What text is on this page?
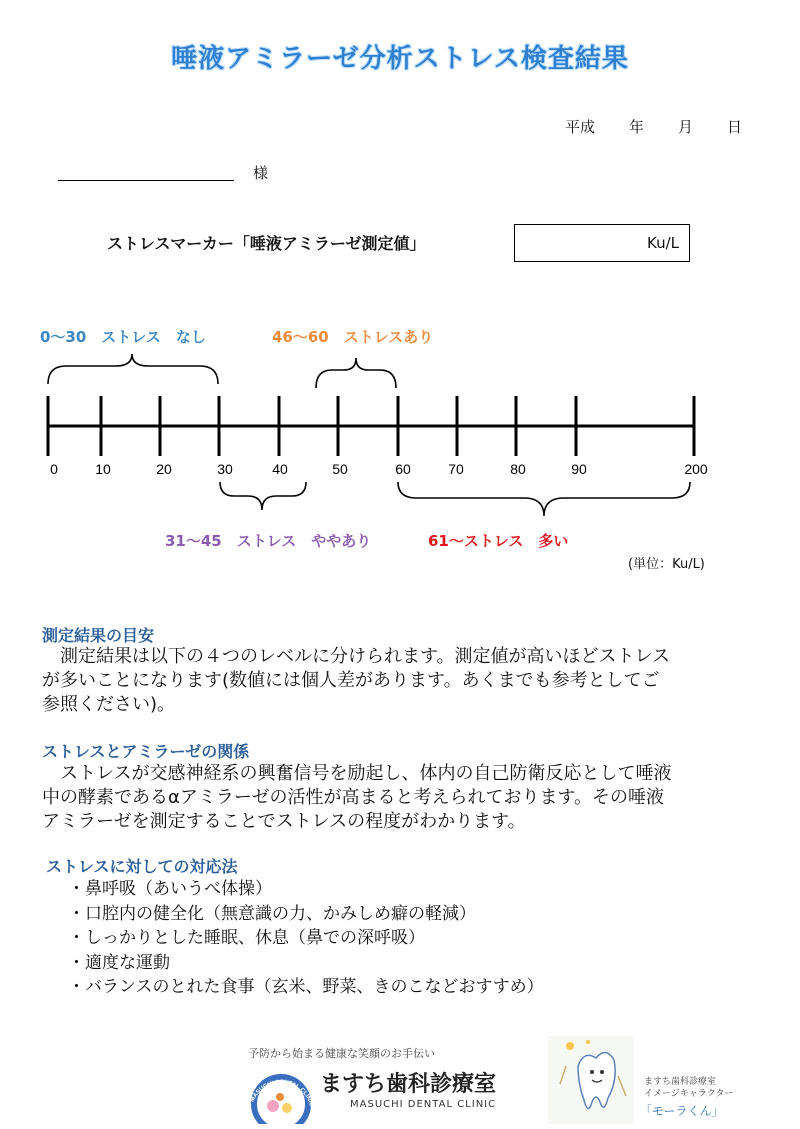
唾液アミラーゼ分析ストレス検査結果
平成 年 月 日
様
ストレスマーカー「唾液アミラーゼ測定値」	Ku/L
0～30　ストレス　なし	46～60　ストレスあり
31～45　ストレス　ややあり	61～ストレス　多い
0	10	20	30	40	50	60	70	80	90	200
(単位：Ku/L)
測定結果の目安
　測定結果は以下の４つのレベルに分けられます。測定値が高いほどストレス
が多いことになります(数値には個人差があります。あくまでも参考としてご
参照ください)。
ストレスとアミラーゼの関係
　ストレスが交感神経系の興奮信号を励起し、体内の自己防衛反応として唾液
中の酵素であるαアミラーゼの活性が高まると考えられております。その唾液
アミラーゼを測定することでストレスの程度がわかります。
ストレスに対しての対応法
・鼻呼吸（あいうべ体操）
・口腔内の健全化（無意識の力、かみしめ癖の軽減）
・しっかりとした睡眠、休息（鼻での深呼吸）
・適度な運動
・バランスのとれた食事（玄米、野菜、きのこなどおすすめ）
予防から始まる健康な笑顔のお手伝い
MASUCHI DENTAL CLINIC
ますち歯科診療室
MASUCHI DENTAL CLINIC
ますち歯科診療室
イメージキャラクター
「モーラくん」
